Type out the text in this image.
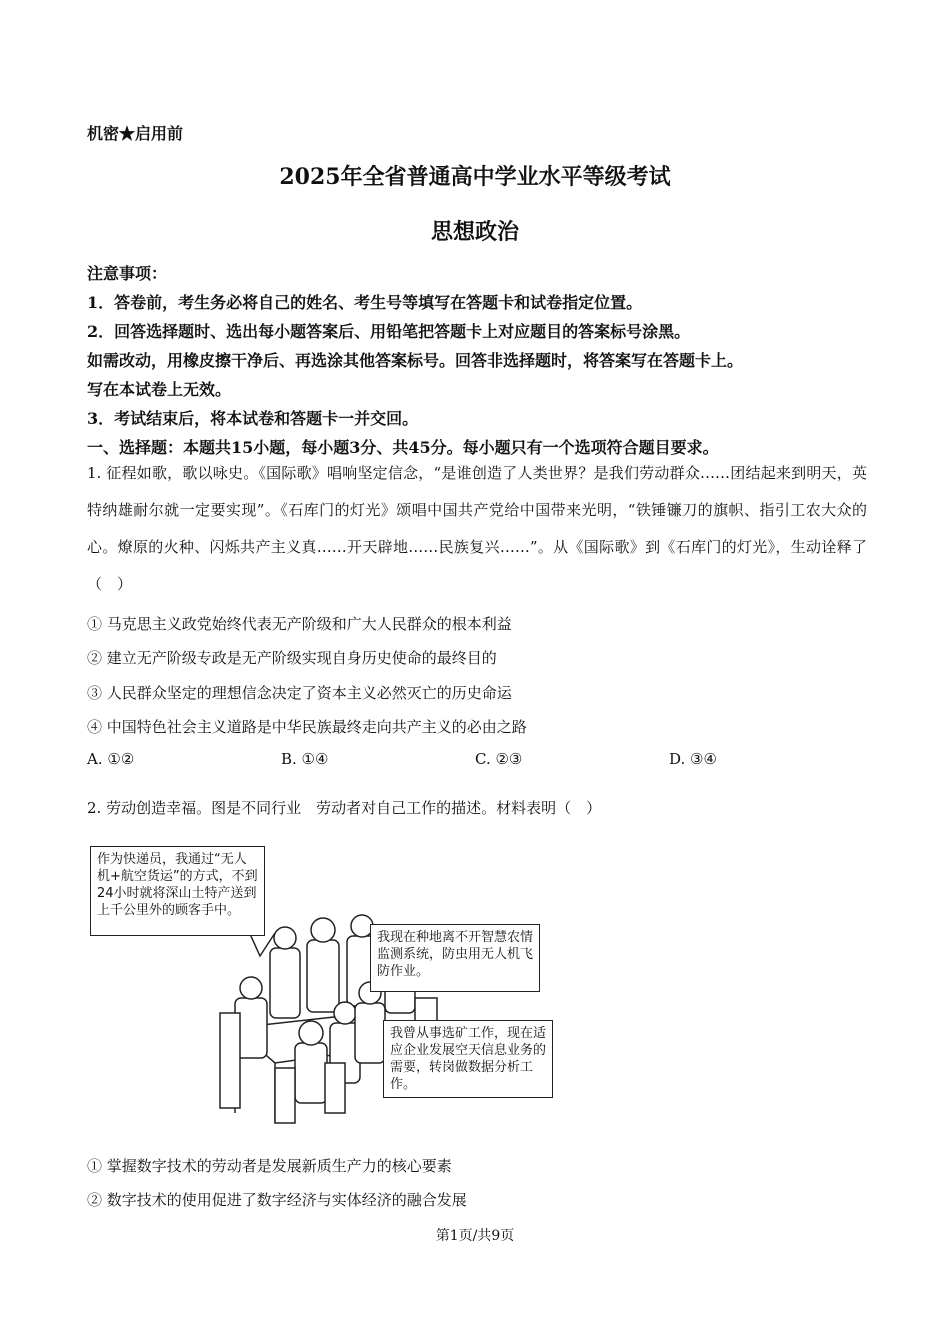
机密★启用前
2025年全省普通高中学业水平等级考试
思想政治
注意事项：
1．答卷前，考生务必将自己的姓名、考生号等填写在答题卡和试卷指定位置。
2．回答选择题时、选出每小题答案后、用铅笔把答题卡上对应题目的答案标号涂黑。
如需改动，用橡皮擦干净后、再选涂其他答案标号。回答非选择题时，将答案写在答题卡上。
写在本试卷上无效。
3．考试结束后，将本试卷和答题卡一并交回。
一、选择题：本题共15小题，每小题3分、共45分。每小题只有一个选项符合题目要求。
1. 征程如歌，歌以咏史。《国际歌》唱响坚定信念，“是谁创造了人类世界？是我们劳动群众……团结起来到明天，英特纳雄耐尔就一定要实现”。《石库门的灯光》颂唱中国共产党给中国带来光明，“铁锤镰刀的旗帜、指引工农大众的心。燎原的火种、闪烁共产主义真……开天辟地……民族复兴……”。从《国际歌》到《石库门的灯光》，生动诠释了（　）
① 马克思主义政党始终代表无产阶级和广大人民群众的根本利益
② 建立无产阶级专政是无产阶级实现自身历史使命的最终目的
③ 人民群众坚定的理想信念决定了资本主义必然灭亡的历史命运
④ 中国特色社会主义道路是中华民族最终走向共产主义的必由之路
A. ①②	B. ①④	C. ②③	D. ③④
2. 劳动创造幸福。图是不同行业　劳动者对自己工作的描述。材料表明（　）
作为快递员，我通过“无人机+航空货运”的方式，不到24小时就将深山土特产送到上千公里外的顾客手中。
我现在种地离不开智慧农情监测系统，防虫用无人机飞防作业。
我曾从事选矿工作，现在适应企业发展空天信息业务的需要，转岗做数据分析工作。
① 掌握数字技术的劳动者是发展新质生产力的核心要素
② 数字技术的使用促进了数字经济与实体经济的融合发展
第1页/共9页
